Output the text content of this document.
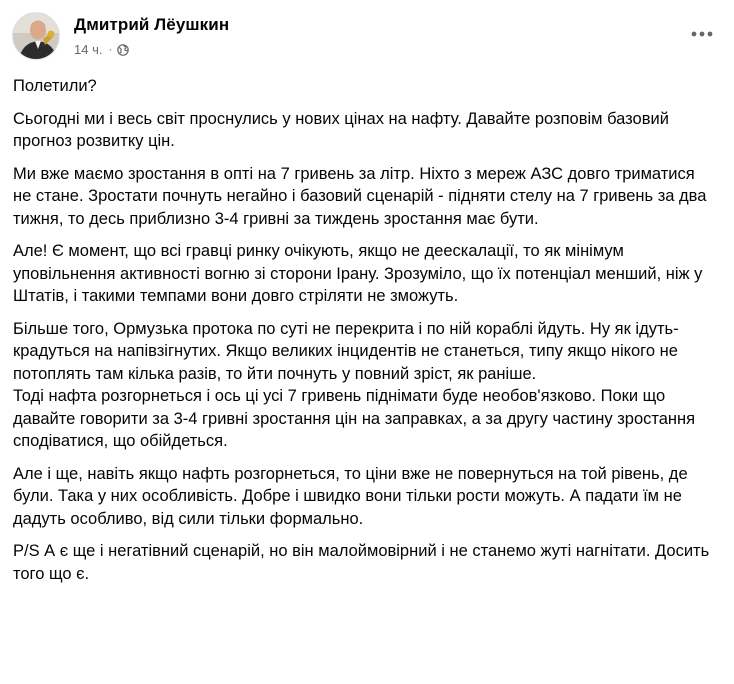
Дмитрий Лёушкин
14 ч. ·

Полетили?

Сьогодні ми і весь світ проснулись у нових цінах на нафту. Давайте розповім базовий прогноз розвитку цін.

Ми вже маємо зростання в опті на 7 гривень за літр. Ніхто з мереж АЗС довго триматися не стане. Зростати почнуть негайно і базовий сценарій - підняти стелу на 7 гривень за два тижня, то десь приблизно 3-4 гривні за тиждень зростання має бути.

Але! Є момент, що всі гравці ринку очікують, якщо не деескалації, то як мінімум уповільнення активності вогню зі сторони Ірану. Зрозуміло, що їх потенціал менший, ніж у Штатів, і такими темпами вони довго стріляти не зможуть.

Більше того, Ормузька протока по суті не перекрита і по ній кораблі йдуть. Ну як ідуть- крадуться на напівзігнутих. Якщо великих інцидентів не станеться, типу якщо нікого не потоплять там кілька разів, то йти почнуть у повний зріст, як раніше.
Тоді нафта розгорнеться і ось ці усі 7 гривень піднімати буде необов'язково. Поки що давайте говорити за 3-4 гривні зростання цін на заправках, а за другу частину зростання сподіватися, що обійдеться.

Але і ще, навіть якщо нафть розгорнеться, то ціни вже не повернуться на той рівень, де були. Така у них особливість. Добре і швидко вони тільки рости можуть. А падати їм не дадуть особливо, від сили тільки формально.

P/S А є ще і негатівний сценарій, но він малоймовірний і не станемо жуті нагнітати. Досить того що є.
